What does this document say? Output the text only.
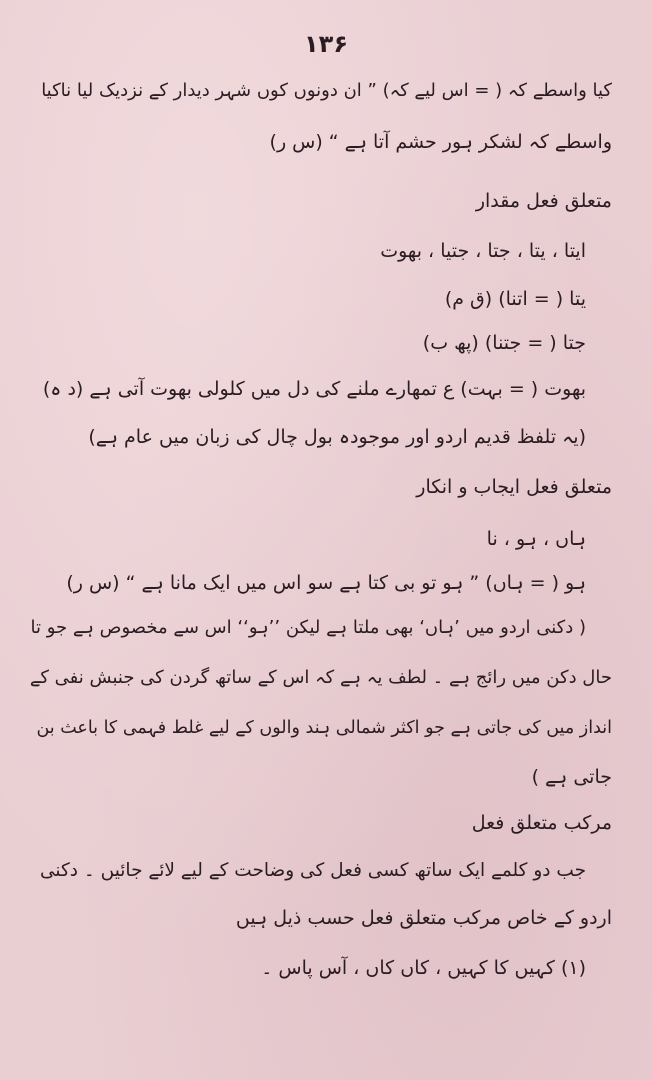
۱۳۶
کیا واسطے کہ ( = اس لیے کہ) ” ان دونوں کوں شہر دیدار کے نزدیک لیا ناکیا
واسطے کہ لشکر ہور حشم آتا ہے “ (س ر)
متعلق فعل مقدار
ایتا ، یتا ، جتا ، جتیا ، بھوت
یتا ( = اتنا) (ق م)
جتا ( = جتنا) (پھ ب)
بھوت ( = بہت) ع تمھارے ملنے کی دل میں کلولی بھوت آتی ہے (د ہ)
(یہ تلفظ قدیم اردو اور موجودہ بول چال کی زبان میں عام ہے)
متعلق فعل ایجاب و انکار
ہاں ، ہو ، نا
ہو ( = ہاں) ” ہو تو بی کتا ہے سو اس میں ایک مانا ہے “ (س ر)
( دکنی اردو میں ’ہاں‘ بھی ملتا ہے لیکن ’’ہو‘‘ اس سے مخصوص ہے جو تا
حال دکن میں رائج ہے ۔ لطف یہ ہے کہ اس کے ساتھ گردن کی جنبش نفی کے
انداز میں کی جاتی ہے جو اکثر شمالی ہند والوں کے لیے غلط فہمی کا باعث بن
جاتی ہے )
مرکب متعلق فعل
جب دو کلمے ایک ساتھ کسی فعل کی وضاحت کے لیے لائے جائیں ۔ دکنی
اردو کے خاص مرکب متعلق فعل حسب ذیل ہیں
(۱) کہیں کا کہیں ، کاں کاں ، آس پاس ۔
